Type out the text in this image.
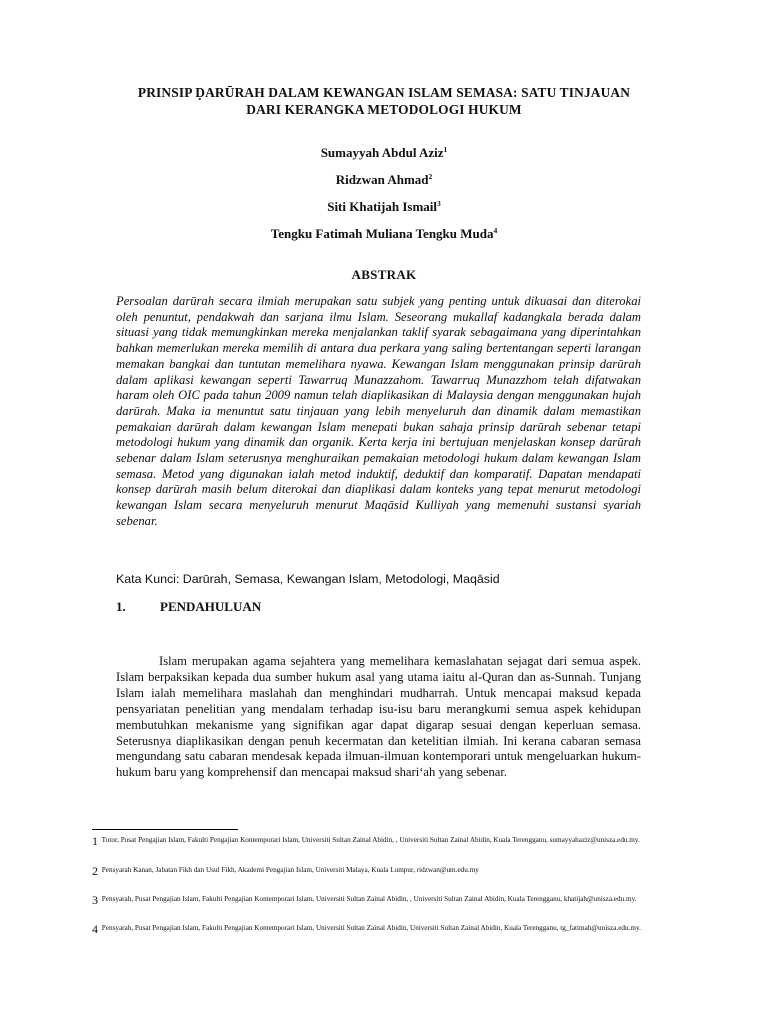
PRINSIP ḌARŪRAH DALAM KEWANGAN ISLAM SEMASA: SATU TINJAUAN
DARI KERANGKA METODOLOGI HUKUM
Sumayyah Abdul Aziz$^1$
Ridzwan Ahmad$^2$
Siti Khatijah Ismail$^3$
Tengku Fatimah Muliana Tengku Muda$^4$
ABSTRAK

Persoalan darūrah secara ilmiah merupakan satu subjek yang penting untuk dikuasai dan diterokai oleh penuntut, pendakwah dan sarjana ilmu Islam. Seseorang mukallaf kadangkala berada dalam situasi yang tidak memungkinkan mereka menjalankan taklif syarak sebagaimana yang diperintahkan bahkan memerlukan mereka memilih di antara dua perkara yang saling bertentangan seperti larangan memakan bangkai dan tuntutan memelihara nyawa. Kewangan Islam menggunakan prinsip darūrah dalam aplikasi kewangan seperti Tawarruq Munazzahom. Tawarruq Munazzhom telah difatwakan haram oleh OIC pada tahun 2009 namun telah diaplikasikan di Malaysia dengan menggunakan hujah darūrah. Maka ia menuntut satu tinjauan yang lebih menyeluruh dan dinamik dalam memastikan pemakaian darūrah dalam kewangan Islam menepati bukan sahaja prinsip darūrah sebenar tetapi metodologi hukum yang dinamik dan organik. Kerta kerja ini bertujuan menjelaskan konsep darūrah sebenar dalam Islam seterusnya menghuraikan pemakaian metodologi hukum dalam kewangan Islam semasa. Metod yang digunakan ialah metod induktif, deduktif dan komparatif. Dapatan mendapati konsep darūrah masih belum diterokai dan diaplikasi dalam konteks yang tepat menurut metodologi kewangan Islam secara menyeluruh menurut Maqāsid Kulliyah yang memenuhi sustansi syariah sebenar.

Kata Kunci: Darūrah, Semasa, Kewangan Islam, Metodologi, Maqāsid
1.	PENDAHULUAN

Islam merupakan agama sejahtera yang memelihara kemaslahatan sejagat dari semua aspek. Islam berpaksikan kepada dua sumber hukum asal yang utama iaitu al-Quran dan as-Sunnah. Tunjang Islam ialah memelihara maslahah dan menghindari mudharrah. Untuk mencapai maksud kepada pensyariatan penelitian yang mendalam terhadap isu-isu baru merangkumi semua aspek kehidupan membutuhkan mekanisme yang signifikan agar dapat digarap sesuai dengan keperluan semasa. Seterusnya diaplikasikan dengan penuh kecermatan dan ketelitian ilmiah. Ini kerana cabaran semasa mengundang satu cabaran mendesak kepada ilmuan-ilmuan kontemporari untuk mengeluarkan hukum-hukum baru yang komprehensif dan mencapai maksud shari‘ah yang sebenar.

1 Tutor, Pusat Pengajian Islam, Fakulti Pengajian Kontemporari Islam, Universiti Sultan Zainal Abidin, , Universiti Sultan Zainal Abidin, Kuala Terengganu, sumayyahaziz@unisza.edu.my.
2 Pensyarah Kanan, Jabatan Fikh dan Usul Fikh, Akademi Pengajian Islam, Universiti Malaya, Kuala Lumpur, ridzwan@um.edu.my
3 Pensyarah, Pusat Pengajian Islam, Fakulti Pengajian Kontemporari Islam, Universiti Sultan Zainal Abidin, , Universiti Sultan Zainal Abidin, Kuala Terengganu, khatijah@unisza.edu.my.
4 Pensyarah, Pusat Pengajian Islam, Fakulti Pengajian Kontemporari Islam, Universiti Sultan Zainal Abidin, Universiti Sultan Zainal Abidin, Kuala Terengganu, tg_fatimah@unisza.edu.my.
